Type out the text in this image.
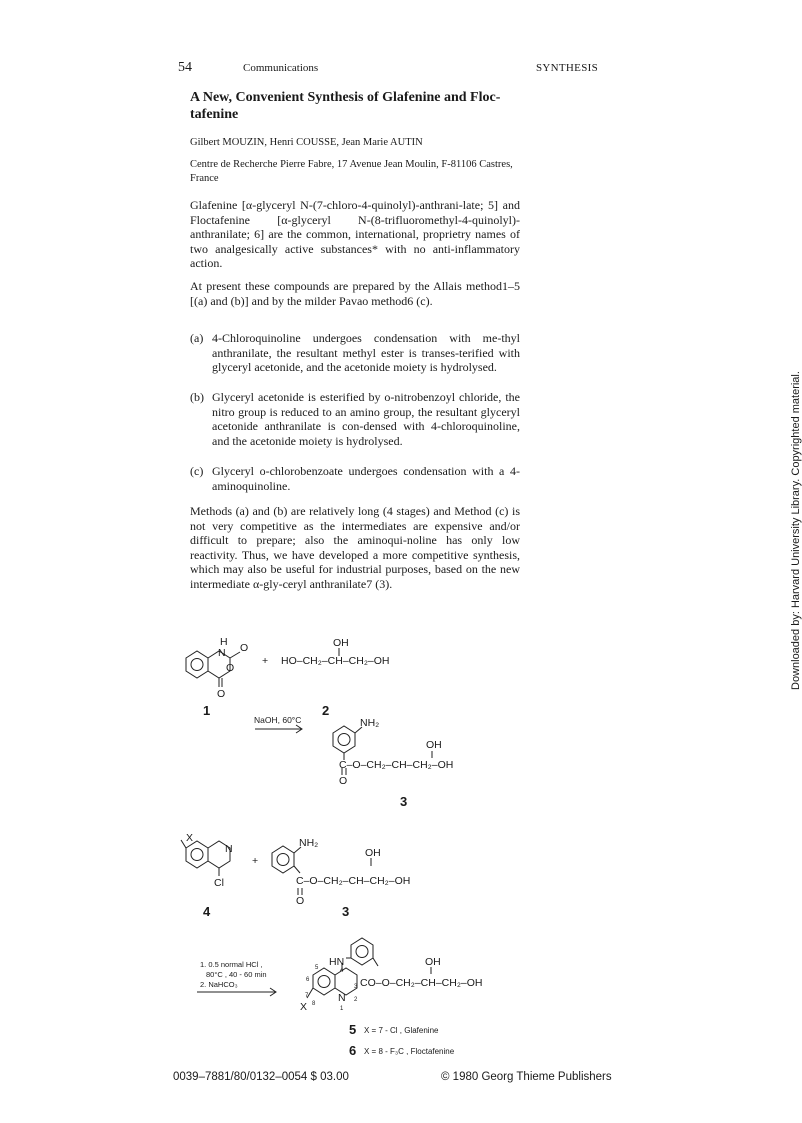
54	Communications	SYNTHESIS
A New, Convenient Synthesis of Glafenine and Floc-tafenine
Gilbert MOUZIN, Henri COUSSE, Jean Marie AUTIN
Centre de Recherche Pierre Fabre, 17 Avenue Jean Moulin, F-81106 Castres, France
Glafenine [α-glyceryl N-(7-chloro-4-quinolyl)-anthrani-late; 5] and Floctafenine [α-glyceryl N-(8-trifluoromethyl-4-quinolyl)-anthranilate; 6] are the common, international, proprietry names of two analgesically active substances* with no anti-inflammatory action.
At present these compounds are prepared by the Allais method1–5 [(a) and (b)] and by the milder Pavao method6 (c).
(a) 4-Chloroquinoline undergoes condensation with me-thyl anthranilate, the resultant methyl ester is transes-terified with glyceryl acetonide, and the acetonide moiety is hydrolysed.
(b) Glyceryl acetonide is esterified by o-nitrobenzoyl chloride, the nitro group is reduced to an amino group, the resultant glyceryl acetonide anthranilate is con-densed with 4-chloroquinoline, and the acetonide moiety is hydrolysed.
(c) Glyceryl o-chlorobenzoate undergoes condensation with a 4-aminoquinoline.
Methods (a) and (b) are relatively long (4 stages) and Method (c) is not very competitive as the intermediates are expensive and/or difficult to prepare; also the aminoqui-noline has only low reactivity. Thus, we have developed a more competitive synthesis, which may also be useful for industrial purposes, based on the new intermediate α-gly-ceryl anthranilate7 (3).
H
N O
O
O
+
OH
HO–CH₂–CH–CH₂–OH
NaOH, 60°C	NH₂
OH
C–O–CH₂–CH–CH₂–OH
O
X
N
Cl
+
NH₂
OH
C–O–CH₂–CH–CH₂–OH
O
1. 0.5 normal HCl ,
80°C , 40 - 60 min
2. NaHCO₃
HN	OH
CO–O–CH₂–CH–CH₂–OH
N
X
5	4
3
6
7
8
1
2
X = 7 - Cl , Glafenine
X = 8 - F₃C , Floctafenine
1	2
3
4	3
5
6
Downloaded by: Harvard University Library. Copyrighted material.
0039–7881/80/0132–0054 $ 03.00	© 1980 Georg Thieme Publishers
